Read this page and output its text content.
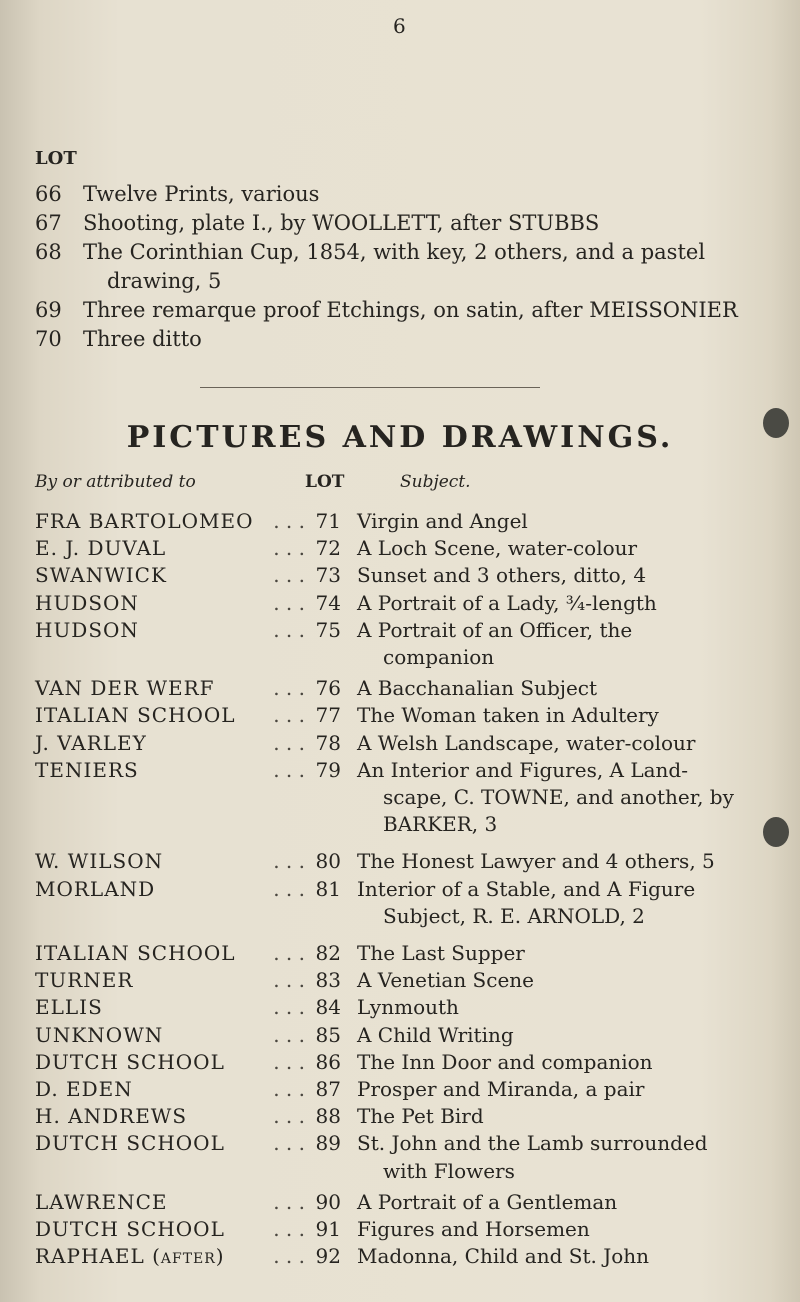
6
LOT
66 Twelve Prints, various
67 Shooting, plate I., by WOOLLETT, after STUBBS
68 The Corinthian Cup, 1854, with key, 2 others, and a pastel
drawing, 5
69 Three remarque proof Etchings, on satin, after MEISSONIER
70 Three ditto
PICTURES AND DRAWINGS.
By or attributed to	LOT	Subject.
FRA BARTOLOMEO . . . 71 Virgin and Angel
E. J. DUVAL	. . . 72 A Loch Scene, water-colour
SWANWICK	. . . 73 Sunset and 3 others, ditto, 4
HUDSON	. . . 74 A Portrait of a Lady, ¾-length
HUDSON	. . . 75 A Portrait of an Officer, the
companion
VAN DER WERF	. . . 76 A Bacchanalian Subject
ITALIAN SCHOOL	. . . 77 The Woman taken in Adultery
J. VARLEY	. . . 78 A Welsh Landscape, water-colour
TENIERS	. . . 79 An Interior and Figures, A Land-
scape, C. TOWNE, and another, by
BARKER, 3
W. WILSON	. . . 80 The Honest Lawyer and 4 others, 5
MORLAND	. . . 81 Interior of a Stable, and A Figure
Subject, R. E. ARNOLD, 2
ITALIAN SCHOOL	. . . 82 The Last Supper
TURNER	. . . 83 A Venetian Scene
ELLIS	. . . 84 Lynmouth
UNKNOWN	. . . 85 A Child Writing
DUTCH SCHOOL	. . . 86 The Inn Door and companion
D. EDEN	. . . 87 Prosper and Miranda, a pair
H. ANDREWS	. . . 88 The Pet Bird
DUTCH SCHOOL	. . . 89 St. John and the Lamb surrounded
with Flowers
LAWRENCE	. . . 90 A Portrait of a Gentleman
DUTCH SCHOOL	. . . 91 Figures and Horsemen
RAPHAEL (after)	. . . 92 Madonna, Child and St. John
